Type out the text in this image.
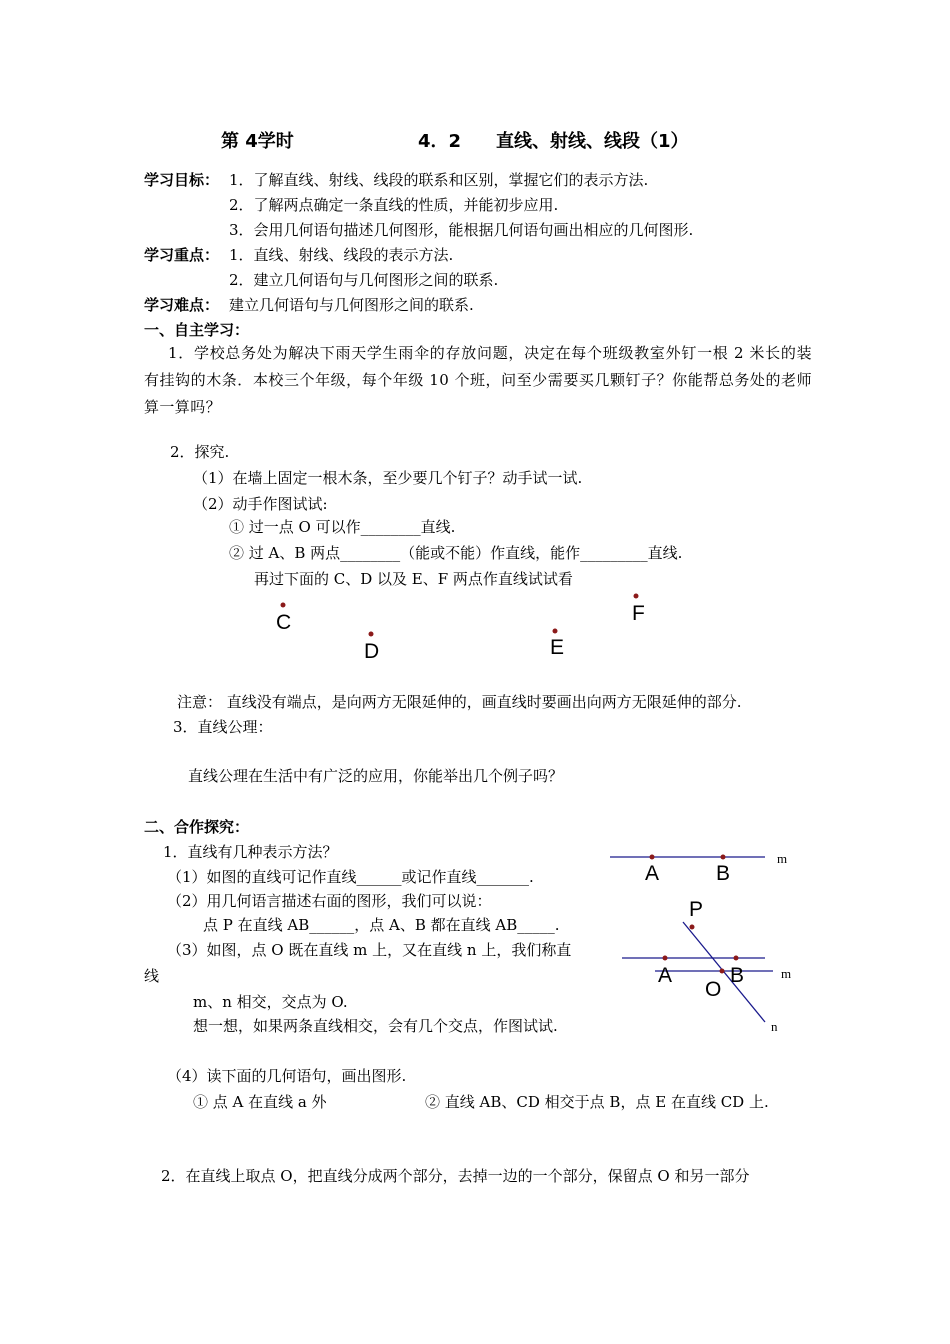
第 4学时	4．2 直线、射线、线段（1）
学习目标： 1．了解直线、射线、线段的联系和区别，掌握它们的表示方法.
2．了解两点确定一条直线的性质，并能初步应用.
3．会用几何语句描述几何图形，能根据几何语句画出相应的几何图形.
学习重点： 1．直线、射线、线段的表示方法.
2．建立几何语句与几何图形之间的联系.
学习难点： 建立几何语句与几何图形之间的联系.
一、自主学习：
1．学校总务处为解决下雨天学生雨伞的存放问题，决定在每个班级教室外钉一根 2 米长的装有挂钩的木条．本校三个年级，每个年级 10 个班，问至少需要买几颗钉子？你能帮总务处的老师算一算吗？
2．探究.
（1）在墙上固定一根木条，至少要几个钉子？动手试一试.
（2）动手作图试试:
① 过一点 O 可以作________直线.
② 过 A、B 两点________（能或不能）作直线，能作_________直线.
再过下面的 C、D 以及 E、F 两点作直线试试看
C
D	E
F
注意： 直线没有端点，是向两方无限延伸的，画直线时要画出向两方无限延伸的部分.
3．直线公理：
直线公理在生活中有广泛的应用，你能举出几个例子吗？
二、合作探究：
1．直线有几种表示方法？
（1）如图的直线可记作直线______或记作直线_______.
（2）用几何语言描述右面的图形，我们可以说：
点 P 在直线 AB______，点 A、B 都在直线 AB_____.
（3）如图，点 O 既在直线 m 上，又在直线 n 上，我们称直
线
m、n 相交，交点为 O.
想一想，如果两条直线相交，会有几个交点，作图试试.
（4）读下面的几何语句，画出图形.
① 点 A 在直线 a 外	② 直线 AB、CD 相交于点 B，点 E 在直线 CD 上.
2．在直线上取点 O，把直线分成两个部分，去掉一边的一个部分，保留点 O 和另一部分
A	B
m
P
A	B
O
m
n
